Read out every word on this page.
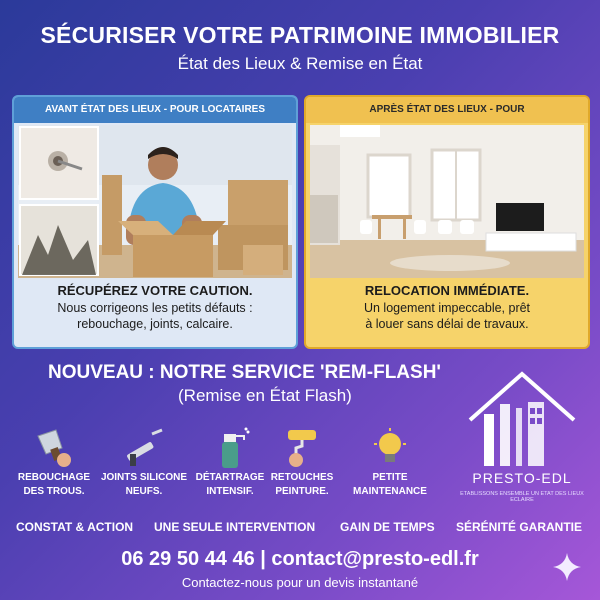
SÉCURISER VOTRE PATRIMOINE IMMOBILIER
État des Lieux & Remise en État
AVANT ÉTAT DES LIEUX - POUR LOCATAIRES
RÉCUPÉREZ VOTRE CAUTION.
Nous corrigeons les petits défauts :
rebouchage, joints, calcaire.
APRÈS ÉTAT DES LIEUX - POUR
RELOCATION IMMÉDIATE.
Un logement impeccable, prêt
à louer sans délai de travaux.
NOUVEAU : NOTRE SERVICE 'REM-FLASH'
(Remise en État Flash)
REBOUCHAGE
DES TROUS.
JOINTS SILICONE
NEUFS.
DÉTARTRAGE
INTENSIF.
RETOUCHES
PEINTURE.
PETITE
MAINTENANCE
PRESTO-EDL
ETABLISSONS ENSEMBLE UN ETAT DES LIEUX ECLAIRE
CONSTAT & ACTION UNE SEULE INTERVENTION GAIN DE TEMPS SÉRÉNITÉ GARANTIE
06 29 50 44 46 | contact@presto-edl.fr
Contactez-nous pour un devis instantané
